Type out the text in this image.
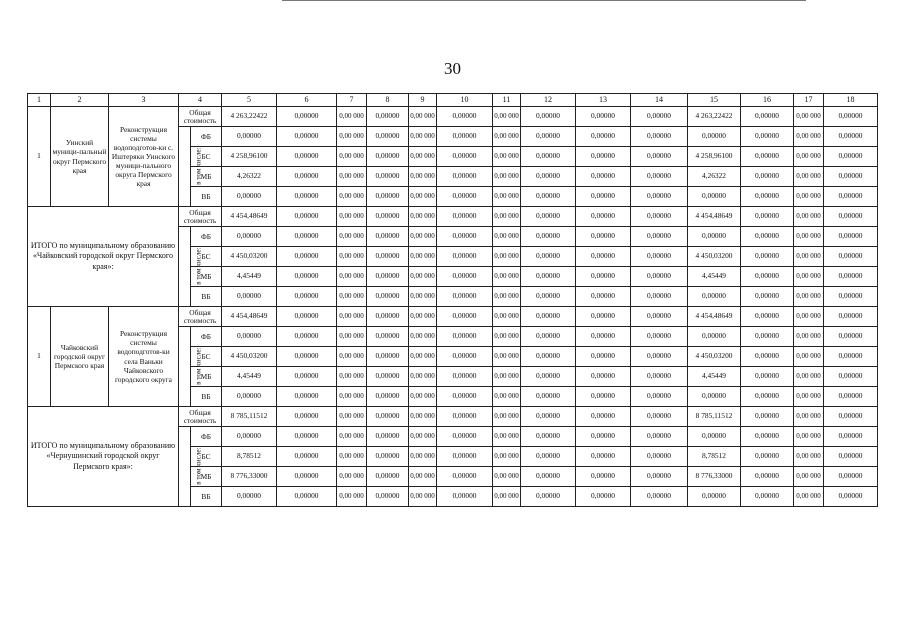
30
1	2	3	4		5	6	7	8	9	10	11	12	13	14	15	16	17	18
1	Уинский муници-пальный округ Пермского края	Реконструкция системы водоподготов-ки с. Иштеряки Уинского муници-пального округа Пермского края	Общая стоимость		4 263,22422	0,00000	0,00 000	0,00000	0,00 000	0,00000	0,00 000	0,00000	0,00000	0,00000	4 263,22422	0,00000	0,00 000	0,00000
			в том числе:	ФБ	0,00000	0,00000	0,00 000	0,00000	0,00 000	0,00000	0,00 000	0,00000	0,00000	0,00000	0,00000	0,00000	0,00 000	0,00000
				БС	4 258,96100	0,00000	0,00 000	0,00000	0,00 000	0,00000	0,00 000	0,00000	0,00000	0,00000	4 258,96100	0,00000	0,00 000	0,00000
				МБ	4,26322	0,00000	0,00 000	0,00000	0,00 000	0,00000	0,00 000	0,00000	0,00000	0,00000	4,26322	0,00000	0,00 000	0,00000
				ВБ	0,00000	0,00000	0,00 000	0,00000	0,00 000	0,00000	0,00 000	0,00000	0,00000	0,00000	0,00000	0,00000	0,00 000	0,00000
ИТОГО по муниципальному образованию «Чайковский городской округ Пермского края»:			Общая стоимость		4 454,48649	0,00000	0,00 000	0,00000	0,00 000	0,00000	0,00 000	0,00000	0,00000	0,00000	4 454,48649	0,00000	0,00 000	0,00000
			в том числе:	ФБ	0,00000	0,00000	0,00 000	0,00000	0,00 000	0,00000	0,00 000	0,00000	0,00000	0,00000	0,00000	0,00000	0,00 000	0,00000
				БС	4 450,03200	0,00000	0,00 000	0,00000	0,00 000	0,00000	0,00 000	0,00000	0,00000	0,00000	4 450,03200	0,00000	0,00 000	0,00000
				МБ	4,45449	0,00000	0,00 000	0,00000	0,00 000	0,00000	0,00 000	0,00000	0,00000	0,00000	4,45449	0,00000	0,00 000	0,00000
				ВБ	0,00000	0,00000	0,00 000	0,00000	0,00 000	0,00000	0,00 000	0,00000	0,00000	0,00000	0,00000	0,00000	0,00 000	0,00000
1	Чайковский городской округ Пермского края	Реконструкция системы водоподготов-ки села Ваньки Чайковского городского округа	Общая стоимость		4 454,48649	0,00000	0,00 000	0,00000	0,00 000	0,00000	0,00 000	0,00000	0,00000	0,00000	4 454,48649	0,00000	0,00 000	0,00000
			в том числе:	ФБ	0,00000	0,00000	0,00 000	0,00000	0,00 000	0,00000	0,00 000	0,00000	0,00000	0,00000	0,00000	0,00000	0,00 000	0,00000
				БС	4 450,03200	0,00000	0,00 000	0,00000	0,00 000	0,00000	0,00 000	0,00000	0,00000	0,00000	4 450,03200	0,00000	0,00 000	0,00000
				МБ	4,45449	0,00000	0,00 000	0,00000	0,00 000	0,00000	0,00 000	0,00000	0,00000	0,00000	4,45449	0,00000	0,00 000	0,00000
				ВБ	0,00000	0,00000	0,00 000	0,00000	0,00 000	0,00000	0,00 000	0,00000	0,00000	0,00000	0,00000	0,00000	0,00 000	0,00000
ИТОГО по муниципальному образованию «Чернушинский городской округ Пермского края»:			Общая стоимость		8 785,11512	0,00000	0,00 000	0,00000	0,00 000	0,00000	0,00 000	0,00000	0,00000	0,00000	8 785,11512	0,00000	0,00 000	0,00000
			в том числе:	ФБ	0,00000	0,00000	0,00 000	0,00000	0,00 000	0,00000	0,00 000	0,00000	0,00000	0,00000	0,00000	0,00000	0,00 000	0,00000
				БС	8,78512	0,00000	0,00 000	0,00000	0,00 000	0,00000	0,00 000	0,00000	0,00000	0,00000	8,78512	0,00000	0,00 000	0,00000
				МБ	8 776,33000	0,00000	0,00 000	0,00000	0,00 000	0,00000	0,00 000	0,00000	0,00000	0,00000	8 776,33000	0,00000	0,00 000	0,00000
				ВБ	0,00000	0,00000	0,00 000	0,00000	0,00 000	0,00000	0,00 000	0,00000	0,00000	0,00000	0,00000	0,00000	0,00 000	0,00000
